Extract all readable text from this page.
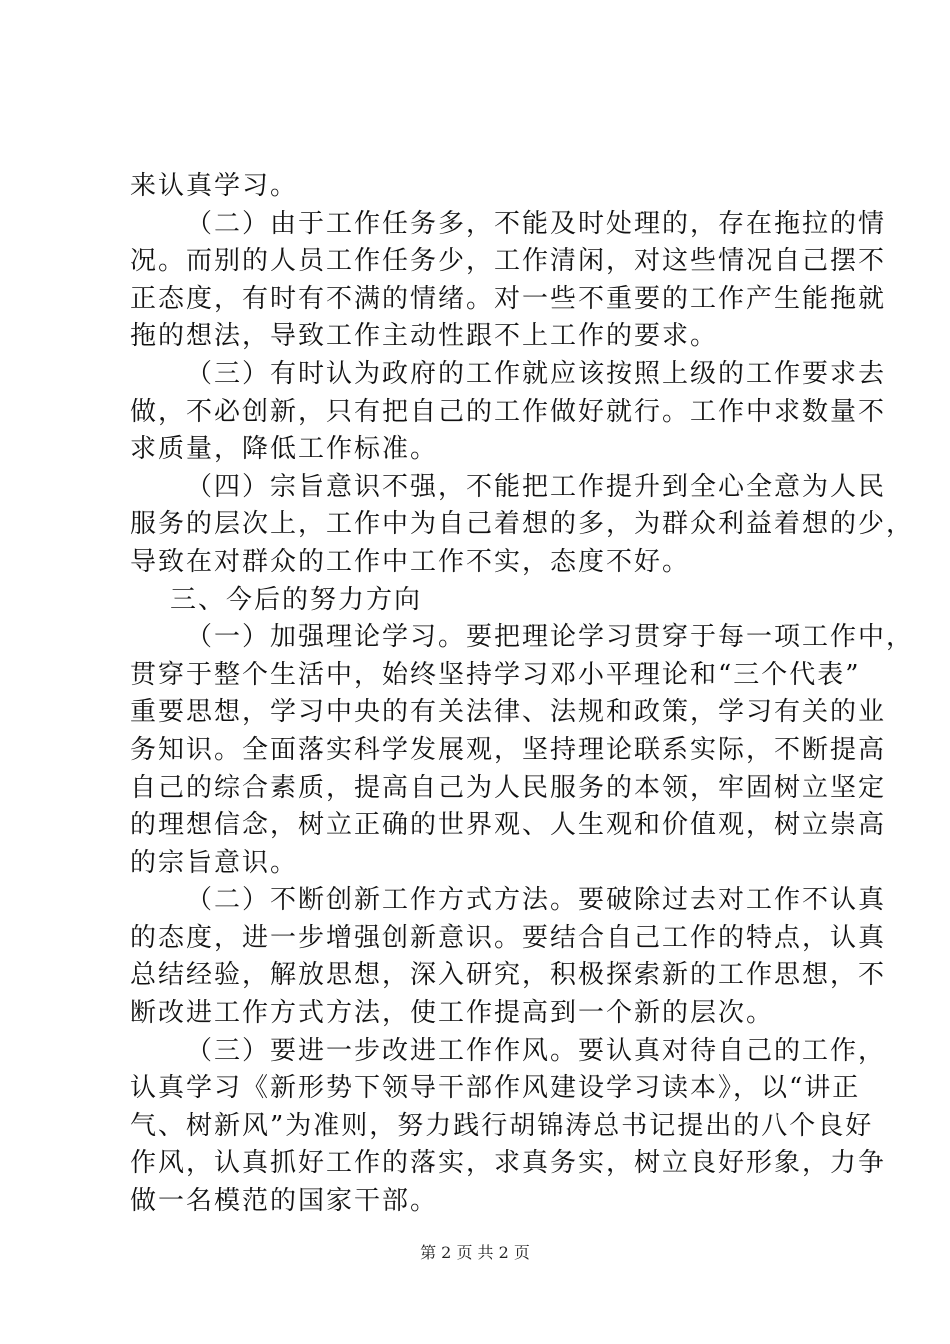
来认真学习。
（二）由于工作任务多，不能及时处理的，存在拖拉的情
况。而别的人员工作任务少，工作清闲，对这些情况自己摆不
正态度，有时有不满的情绪。对一些不重要的工作产生能拖就
拖的想法，导致工作主动性跟不上工作的要求。
（三）有时认为政府的工作就应该按照上级的工作要求去
做，不必创新，只有把自己的工作做好就行。工作中求数量不
求质量，降低工作标准。
（四）宗旨意识不强，不能把工作提升到全心全意为人民
服务的层次上，工作中为自己着想的多，为群众利益着想的少，
导致在对群众的工作中工作不实，态度不好。
三、今后的努力方向
（一）加强理论学习。要把理论学习贯穿于每一项工作中，
贯穿于整个生活中，始终坚持学习邓小平理论和“三个代表”
重要思想，学习中央的有关法律、法规和政策，学习有关的业
务知识。全面落实科学发展观，坚持理论联系实际，不断提高
自己的综合素质，提高自己为人民服务的本领，牢固树立坚定
的理想信念，树立正确的世界观、人生观和价值观，树立崇高
的宗旨意识。
（二）不断创新工作方式方法。要破除过去对工作不认真
的态度，进一步增强创新意识。要结合自己工作的特点，认真
总结经验，解放思想，深入研究，积极探索新的工作思想，不
断改进工作方式方法，使工作提高到一个新的层次。
（三）要进一步改进工作作风。要认真对待自己的工作，
认真学习《新形势下领导干部作风建设学习读本》，以“讲正
气、树新风”为准则，努力践行胡锦涛总书记提出的八个良好
作风，认真抓好工作的落实，求真务实，树立良好形象，力争
做一名模范的国家干部。
第 2 页 共 2 页
